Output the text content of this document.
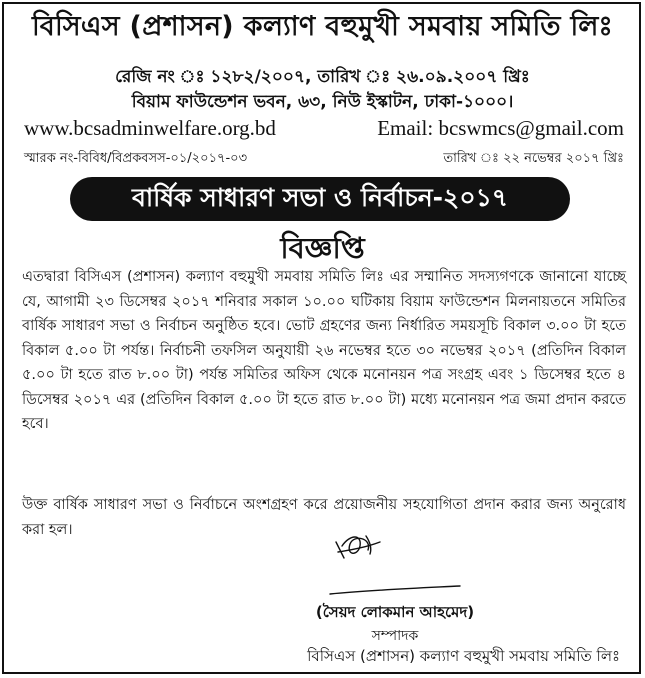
বিসিএস (প্রশাসন) কল্যাণ বহুমুখী সমবায় সমিতি লিঃ
রেজি নং ঃ ১২৮২/২০০৭, তারিখ ঃ ২৬.০৯.২০০৭ খ্রিঃ
বিয়াম ফাউন্ডেশন ভবন, ৬৩, নিউ ইস্কাটন, ঢাকা-১০০০।
www.bcsadminwelfare.org.bd	Email: bcswmcs@gmail.com
স্মারক নং-বিবিধ/বিপ্রকবসস-০১/২০১৭-০৩	তারিখ ঃ ২২ নভেম্বর ২০১৭ খ্রিঃ
বার্ষিক সাধারণ সভা ও নির্বাচন-২০১৭
বিজ্ঞপ্তি
এতদ্বারা বিসিএস (প্রশাসন) কল্যাণ বহুমুখী সমবায় সমিতি লিঃ এর সম্মানিত সদস্যগণকে জানানো যাচ্ছে যে, আগামী ২৩ ডিসেম্বর ২০১৭ শনিবার সকাল ১০.০০ ঘটিকায় বিয়াম ফাউন্ডেশন মিলনায়তনে সমিতির বার্ষিক সাধারণ সভা ও নির্বাচন অনুষ্ঠিত হবে। ভোট গ্রহণের জন্য নির্ধারিত সময়সূচি বিকাল ৩.০০ টা হতে বিকাল ৫.০০ টা পর্যন্ত। নির্বাচনী তফসিল অনুযায়ী ২৬ নভেম্বর হতে ৩০ নভেম্বর ২০১৭ (প্রতিদিন বিকাল ৫.০০ টা হতে রাত ৮.০০ টা) পর্যন্ত সমিতির অফিস থেকে মনোনয়ন পত্র সংগ্রহ এবং ১ ডিসেম্বর হতে ৪ ডিসেম্বর ২০১৭ এর (প্রতিদিন বিকাল ৫.০০ টা হতে রাত ৮.০০ টা) মধ্যে মনোনয়ন পত্র জমা প্রদান করতে হবে।
উক্ত বার্ষিক সাধারণ সভা ও নির্বাচনে অংশগ্রহণ করে প্রয়োজনীয় সহযোগিতা প্রদান করার জন্য অনুরোধ করা হল।
(সৈয়দ লোকমান আহমেদ)
সম্পাদক
বিসিএস (প্রশাসন) কল্যাণ বহুমুখী সমবায় সমিতি লিঃ
